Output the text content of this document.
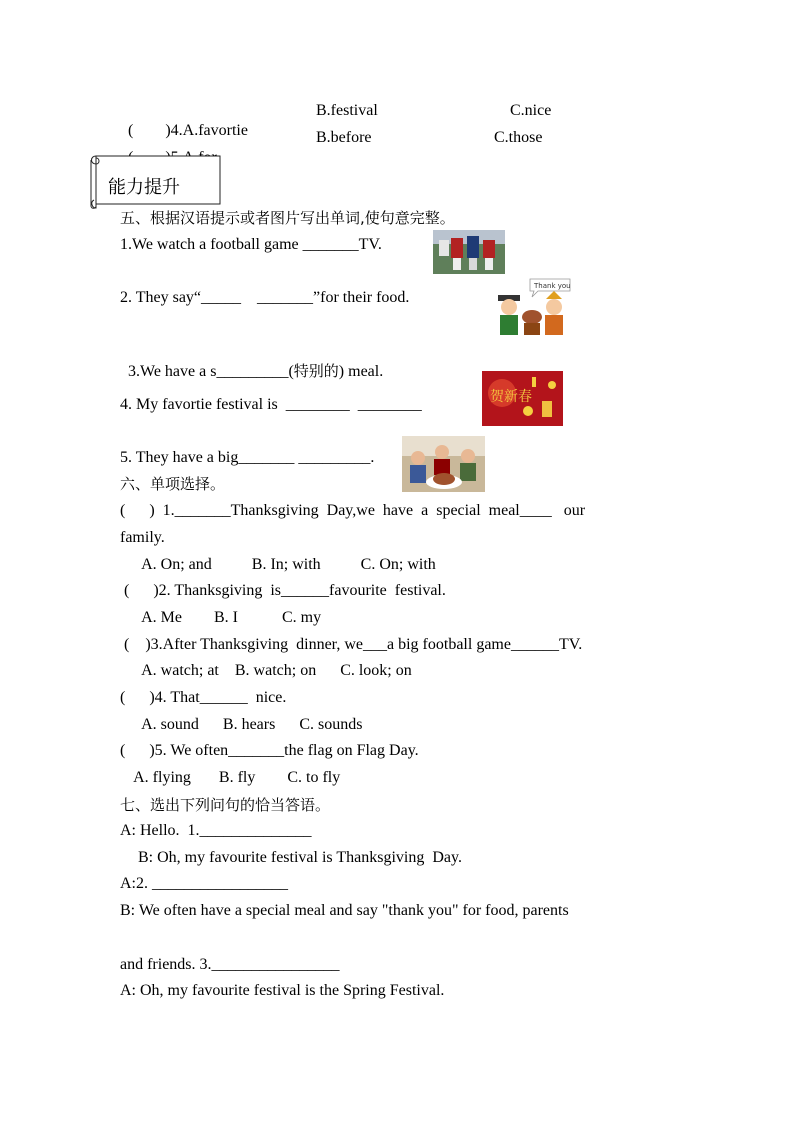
(        )4.A.favortie

B.festival	C.nice

B.before	C.those
能力提升
五、根据汉语提示或者图片写出单词,使句意完整。
1.We watch a football game _______TV.
2. They say“_____    _______”for their food.
Thank you

3.We have a s_________(特别的) meal.

4. My favortie festival is  ________  ________	贺新春
5. They have a big_______ _________.
六、单项选择。
(      )  1._______Thanksgiving  Day,we  have  a  special  meal____   our
family.
A. On; and          B. In; with          C. On; with
(      )2. Thanksgiving  is______favourite  festival.
A. Me        B. I           C. my
(    )3.After Thanksgiving  dinner, we___a big football game______TV.
A. watch; at    B. watch; on      C. look; on
(      )4. That______  nice.
A. sound      B. hears      C. sounds
(      )5. We often_______the flag on Flag Day.
A. flying       B. fly        C. to fly
七、选出下列问句的恰当答语。
A: Hello.  1.______________
B: Oh, my favourite festival is Thanksgiving  Day.
A:2. _________________
B: We often have a special meal and say "thank you" for food, parents
and friends. 3.________________
A: Oh, my favourite festival is the Spring Festival.
